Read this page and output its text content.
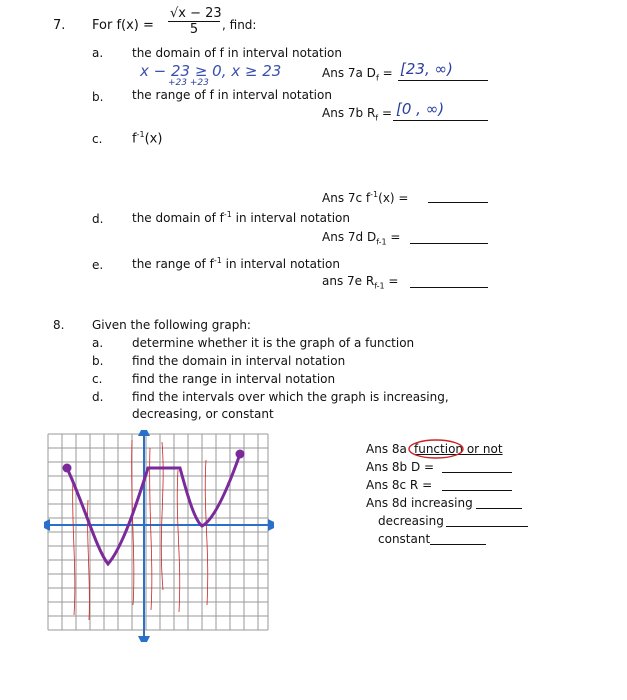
7. For $f(x) = \frac{√x - 23}{5}$ , find:
a. the domain of f in interval notation
x − 23 ≥ 0, x ≥ 23
+23 +23
Ans 7a $D_f = [23$, ∞)
b. the range of f in interval notation
Ans 7b $R_f = [0$ , ∞)
c. $f^{-1}(x)$
Ans 7c $f^{-1}(x)$ =
d. the domain of $f^{-1}$ in interval notation
Ans 7d $D_{f-1}$ =
e. the range of $f^{-1}$ in interval notation
ans 7e $R_{f-1}$ =
8. Given the following graph:
a. determine whether it is the graph of a function
b. find the domain in interval notation
c. find the range in interval notation
d. find the intervals over which the graph is increasing,
decreasing, or constant
Ans 8a function or not
Ans 8b D =
Ans 8c R =
Ans 8d increasing
decreasing
constant
